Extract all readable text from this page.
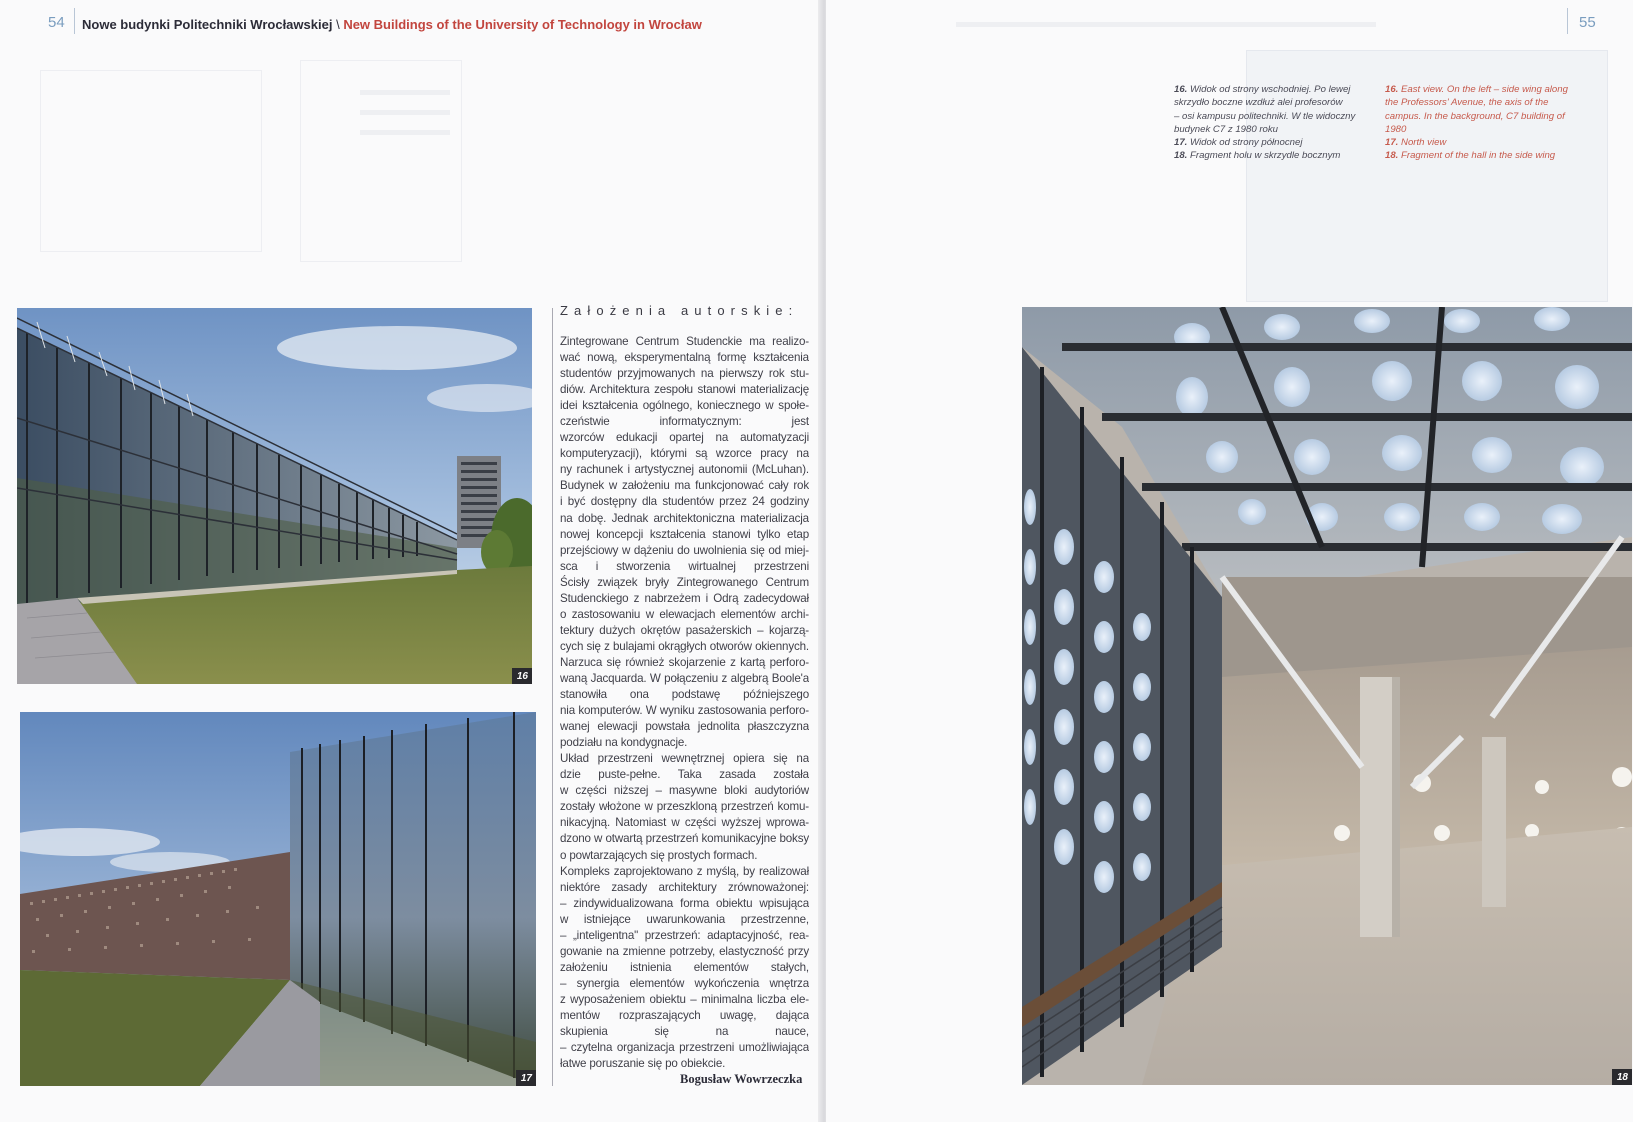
54 Nowe budynki Politechniki Wrocławskiej \ New Buildings of the University of Technology in Wrocław
16
17
Założenia autorskie:
Zintegrowane Centrum Studenckie ma realizo-
wać nową, eksperymentalną formę kształcenia
studentów przyjmowanych na pierwszy rok stu-
diów. Architektura zespołu stanowi materializację
idei kształcenia ogólnego, koniecznego w społe-
czeństwie informatycznym: jest
wzorców edukacji opartej na automatyzacji
komputeryzacji), którymi są wzorce pracy na
ny rachunek i artystycznej autonomii (McLuhan).
Budynek w założeniu ma funkcjonować cały rok
i być dostępny dla studentów przez 24 godziny
na dobę. Jednak architektoniczna materializacja
nowej koncepcji kształcenia stanowi tylko etap
przejściowy w dążeniu do uwolnienia się od miej-
sca i stworzenia wirtualnej przestrzeni
Ścisły związek bryły Zintegrowanego Centrum
Studenckiego z nabrzeżem i Odrą zadecydował
o zastosowaniu w elewacjach elementów archi-
tektury dużych okrętów pasażerskich – kojarzą-
cych się z bulajami okrągłych otworów okiennych.
Narzuca się również skojarzenie z kartą perforo-
waną Jacquarda. W połączeniu z algebrą Boole'a
stanowiła ona podstawę późniejszego
nia komputerów. W wyniku zastosowania perforo-
wanej elewacji powstała jednolita płaszczyzna
podziału na kondygnacje.
Układ przestrzeni wewnętrznej opiera się na
dzie puste-pełne. Taka zasada została
w części niższej – masywne bloki audytoriów
zostały włożone w przeszkloną przestrzeń komu-
nikacyjną. Natomiast w części wyższej wprowa-
dzono w otwartą przestrzeń komunikacyjne boksy
o powtarzających się prostych formach.
Kompleks zaprojektowano z myślą, by realizował
niektóre zasady architektury zrównoważonej:
– zindywidualizowana forma obiektu wpisująca
w istniejące uwarunkowania przestrzenne,
– „inteligentna" przestrzeń: adaptacyjność, rea-
gowanie na zmienne potrzeby, elastyczność przy
założeniu istnienia elementów stałych,
– synergia elementów wykończenia wnętrza
z wyposażeniem obiektu – minimalna liczba ele-
mentów rozpraszających uwagę, dająca
skupienia się na nauce,
– czytelna organizacja przestrzeni umożliwiająca
łatwe poruszanie się po obiekcie.
Bogusław Wowrzeczka
55
16. Widok od strony wschodniej. Po lewej
skrzydło boczne wzdłuż alei profesorów
– osi kampusu politechniki. W tle widoczny
budynek C7 z 1980 roku
17. Widok od strony północnej
18. Fragment holu w skrzydle bocznym
16. East view. On the left – side wing along
the Professors' Avenue, the axis of the
campus. In the background, C7 building of
1980
17. North view
18. Fragment of the hall in the side wing
18
